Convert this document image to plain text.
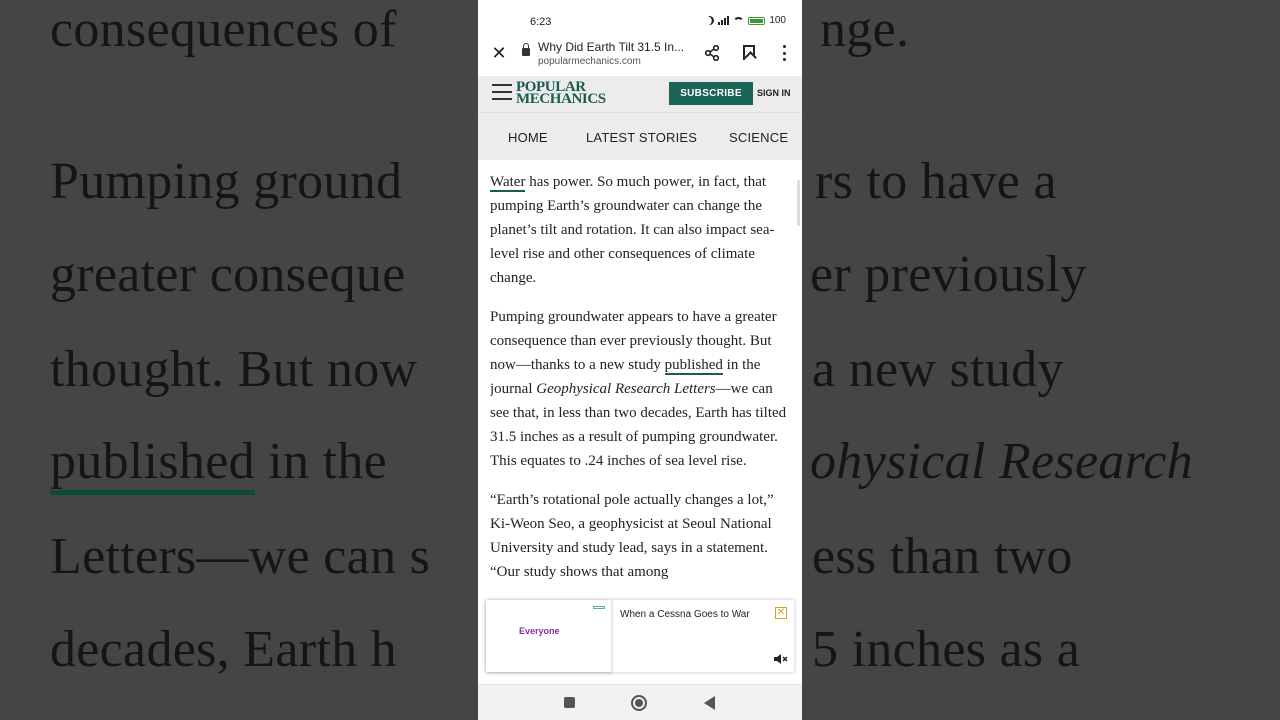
consequences of	nge.
Pumping ground	rs to have a
greater conseque	er previously
thought. But now	a new study
published in the	ohysical Research
Letters—we can s	ess than two
decades, Earth h	5 inches as a
6:23	100
✕	Why Did Earth Tilt 31.5 In...
popularmechanics.com
POPULAR
MECHANICS	SUBSCRIBE	SIGN IN
HOME	LATEST STORIES SCIENCE

Water has power. So much power, in fact, that pumping Earth’s groundwater can change the planet’s tilt and rotation. It can also impact sea-level rise and other consequences of climate change.

Pumping groundwater appears to have a greater consequence than ever previously thought. But now—thanks to a new study published in the journal Geophysical Research Letters—we can see that, in less than two decades, Earth has tilted 31.5 inches as a result of pumping groundwater. This equates to .24 inches of sea level rise.

“Earth’s rotational pole actually changes a lot,” Ki-Weon Seo, a geophysicist at Seoul National University and study lead, says in a statement. “Our study shows that among

Everyone
When a Cessna Goes to War	✕
